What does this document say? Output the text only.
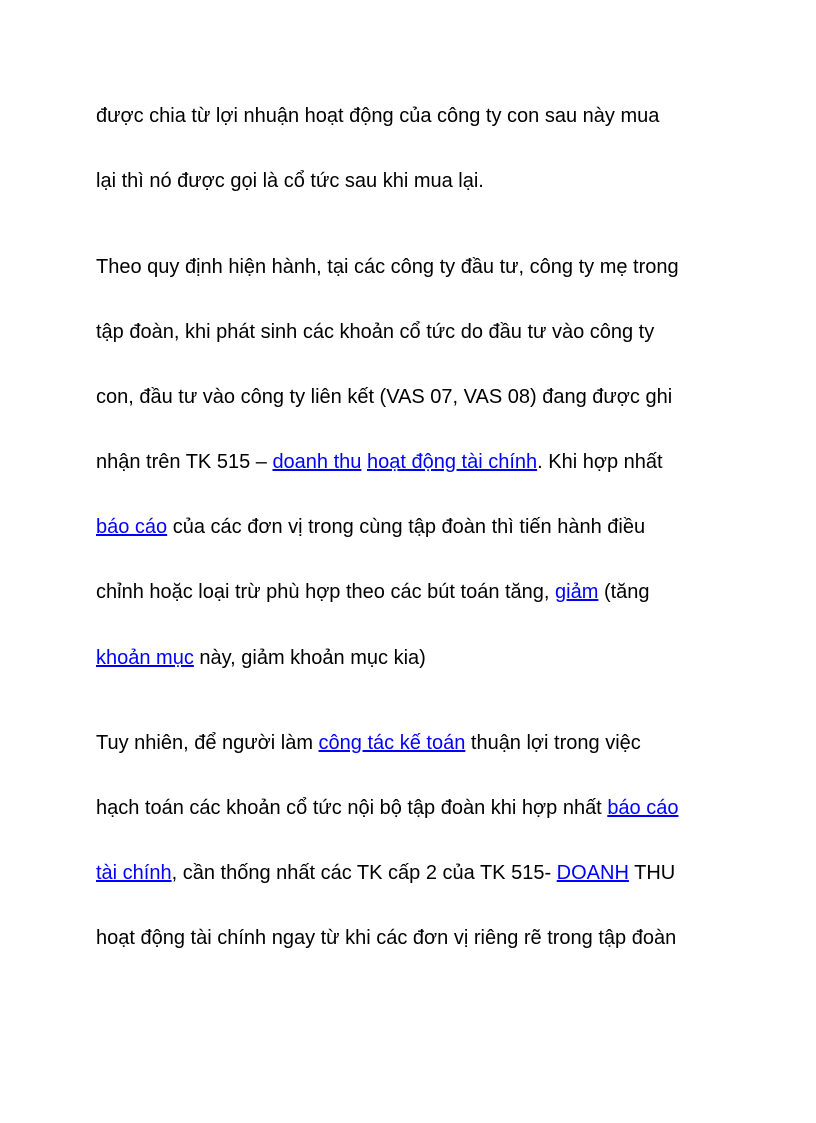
được chia từ lợi nhuận hoạt động của công ty con sau này mua
lại thì nó được gọi là cổ tức sau khi mua lại.
Theo quy định hiện hành, tại các công ty đầu tư, công ty mẹ trong
tập đoàn, khi phát sinh các khoản cổ tức do đầu tư vào công ty
con, đầu tư vào công ty liên kết (VAS 07, VAS 08) đang được ghi
nhận trên TK 515 – doanh thu hoạt động tài chính. Khi hợp nhất
báo cáo của các đơn vị trong cùng tập đoàn thì tiến hành điều
chỉnh hoặc loại trừ phù hợp theo các bút toán tăng, giảm (tăng
khoản mục này, giảm khoản mục kia)
Tuy nhiên, để người làm công tác kế toán thuận lợi trong việc
hạch toán các khoản cổ tức nội bộ tập đoàn khi hợp nhất báo cáo
tài chính, cần thống nhất các TK cấp 2 của TK 515- DOANH THU
hoạt động tài chính ngay từ khi các đơn vị riêng rẽ trong tập đoàn
